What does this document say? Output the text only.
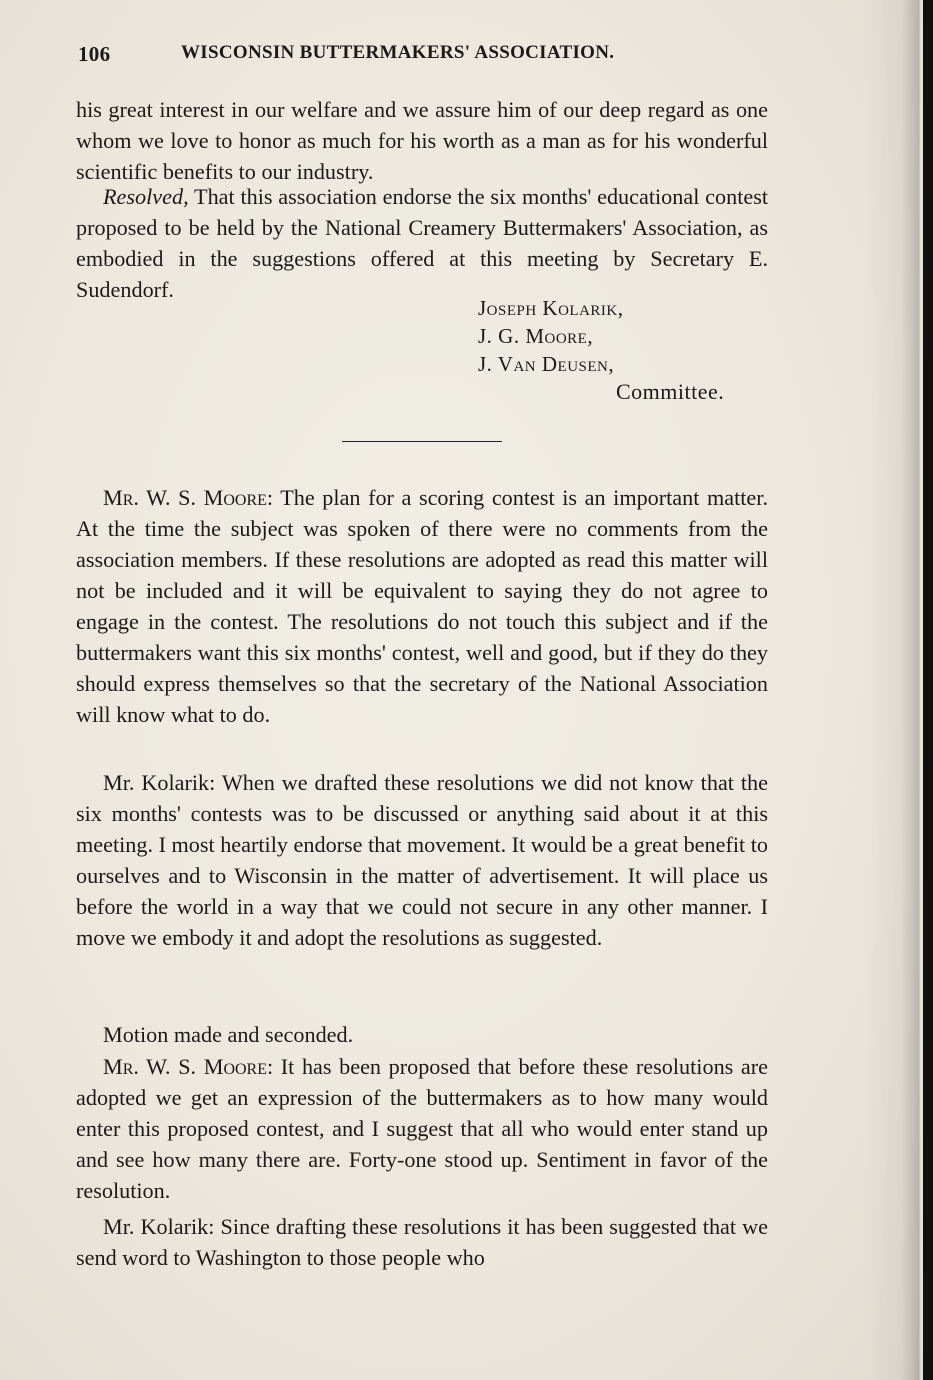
106	WISCONSIN BUTTERMAKERS' ASSOCIATION.

his great interest in our welfare and we assure him of our deep regard as one whom we love to honor as much for his worth as a man as for his wonderful scientific benefits to our industry.

Resolved, That this association endorse the six months' educational contest proposed to be held by the National Creamery Buttermakers' Association, as embodied in the suggestions offered at this meeting by Secretary E. Sudendorf.

Joseph Kolarik,
J. G. Moore,
J. Van Deusen,
Committee.

Mr. W. S. Moore: The plan for a scoring contest is an important matter. At the time the subject was spoken of there were no comments from the association members. If these resolutions are adopted as read this matter will not be included and it will be equivalent to saying they do not agree to engage in the contest. The resolutions do not touch this subject and if the buttermakers want this six months' contest, well and good, but if they do they should express themselves so that the secretary of the National Association will know what to do.

Mr. Kolarik: When we drafted these resolutions we did not know that the six months' contests was to be discussed or anything said about it at this meeting. I most heartily endorse that movement. It would be a great benefit to ourselves and to Wisconsin in the matter of advertisement. It will place us before the world in a way that we could not secure in any other manner. I move we embody it and adopt the resolutions as suggested.

Motion made and seconded.

Mr. W. S. Moore: It has been proposed that before these resolutions are adopted we get an expression of the buttermakers as to how many would enter this proposed contest, and I suggest that all who would enter stand up and see how many there are. Forty-one stood up. Sentiment in favor of the resolution.

Mr. Kolarik: Since drafting these resolutions it has been suggested that we send word to Washington to those people who
